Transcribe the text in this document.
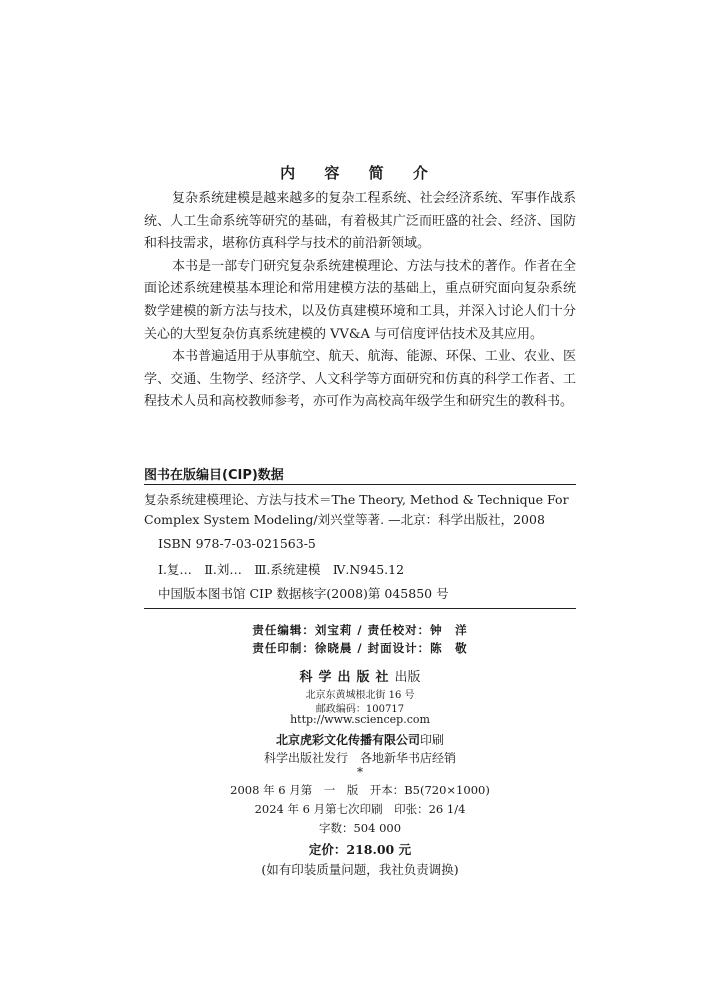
内 容 简 介

复杂系统建模是越来越多的复杂工程系统、社会经济系统、军事作战系统、人工生命系统等研究的基础，有着极其广泛而旺盛的社会、经济、国防和科技需求，堪称仿真科学与技术的前沿新领域。

本书是一部专门研究复杂系统建模理论、方法与技术的著作。作者在全面论述系统建模基本理论和常用建模方法的基础上，重点研究面向复杂系统数学建模的新方法与技术，以及仿真建模环境和工具，并深入讨论人们十分关心的大型复杂仿真系统建模的 VV&A 与可信度评估技术及其应用。

本书普遍适用于从事航空、航天、航海、能源、环保、工业、农业、医学、交通、生物学、经济学、人文科学等方面研究和仿真的科学工作者、工程技术人员和高校教师参考，亦可作为高校高年级学生和研究生的教科书。

图书在版编目(CIP)数据
复杂系统建模理论、方法与技术＝The Theory, Method & Technique For
Complex System Modeling/刘兴堂等著. —北京：科学出版社，2008
ISBN 978-7-03-021563-5
Ⅰ.复…　Ⅱ.刘…　Ⅲ.系统建模　Ⅳ.N945.12
中国版本图书馆 CIP 数据核字(2008)第 045850 号
责任编辑：刘宝莉 / 责任校对：钟　洋
责任印制：徐晓晨 / 封面设计：陈　敬
科学出版社出版
北京东黄城根北街 16 号
邮政编码：100717
http://www.sciencep.com
北京虎彩文化传播有限公司印刷
科学出版社发行　各地新华书店经销
*
2008 年 6 月第　一　版　开本：B5(720×1000)
2024 年 6 月第七次印刷　印张：26 1/4
字数：504 000
定价：218.00 元
(如有印装质量问题，我社负责调换)
